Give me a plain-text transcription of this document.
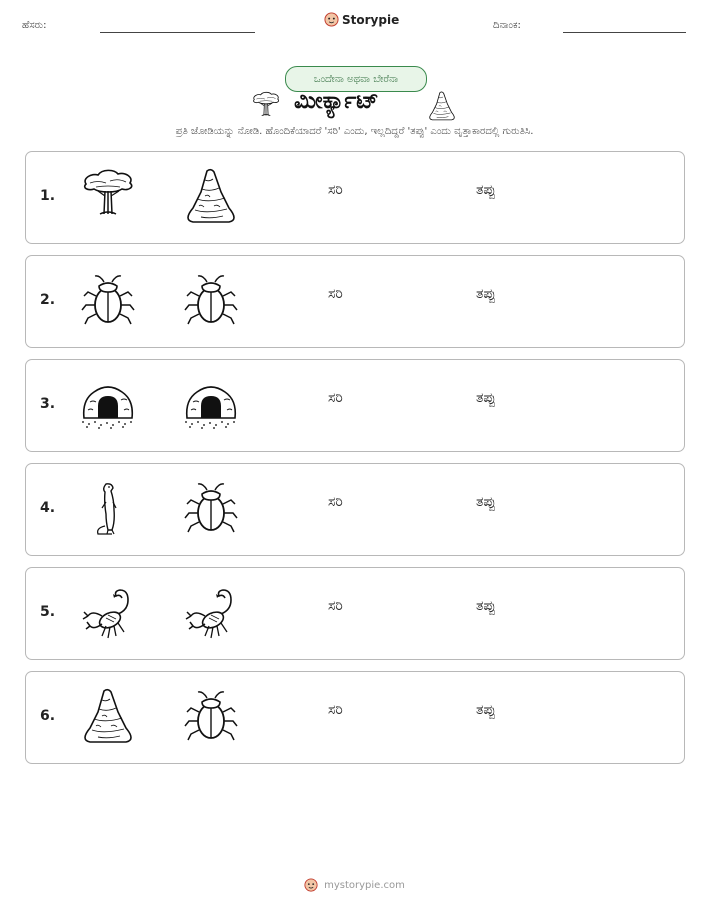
ಹೆಸರು:	Storypie	ದಿನಾಂಕ:
ಒಂದೇನಾ ಅಥವಾ ಬೇರೆನಾ
ಮೀರ್ಕ್ಯಾಟ್
ಪ್ರತಿ ಜೋಡಿಯನ್ನು ನೋಡಿ. ಹೊಂದಿಕೆಯಾದರೆ 'ಸರಿ' ಎಂದು, ಇಲ್ಲದಿದ್ದರೆ 'ತಪ್ಪು' ಎಂದು ವೃತ್ತಾಕಾರದಲ್ಲಿ ಗುರುತಿಸಿ.
1.	ಸರಿ	ತಪ್ಪು
2.	ಸರಿ	ತಪ್ಪು
3.	ಸರಿ	ತಪ್ಪು
4.	ಸರಿ	ತಪ್ಪು
5.	ಸರಿ	ತಪ್ಪು
6.	ಸರಿ	ತಪ್ಪು
mystorypie.com
